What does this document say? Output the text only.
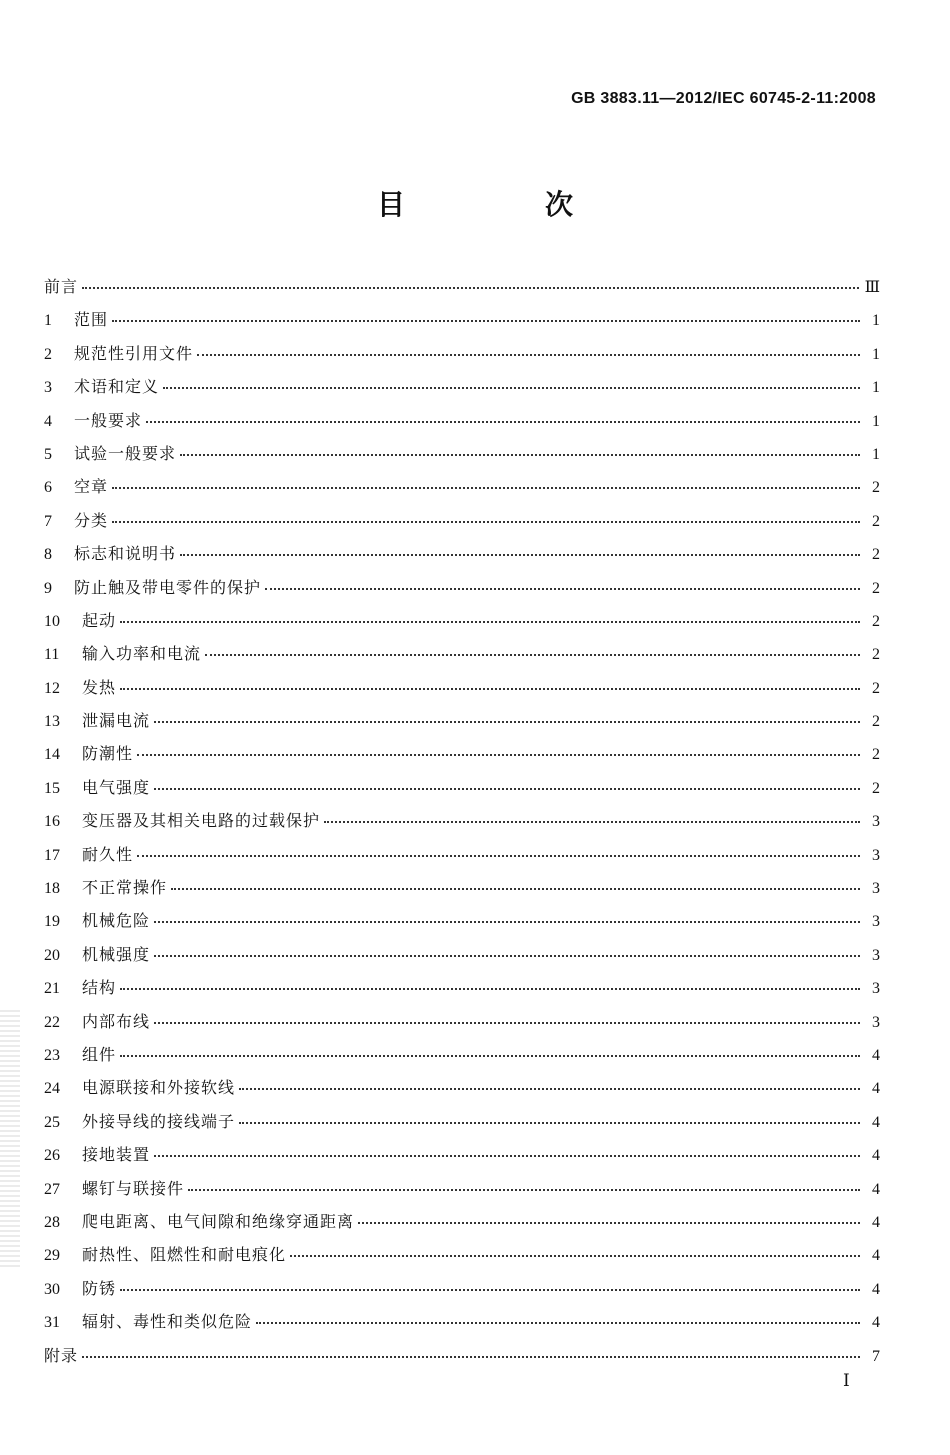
GB 3883.11—2012/IEC 60745-2-11:2008
目　次
前言	Ⅲ
1	范围	1
2	规范性引用文件	1
3	术语和定义	1
4	一般要求	1
5	试验一般要求	1
6	空章	2
7	分类	2
8	标志和说明书	2
9	防止触及带电零件的保护	2
10	起动	2
11	输入功率和电流	2
12	发热	2
13	泄漏电流	2
14	防潮性	2
15	电气强度	2
16	变压器及其相关电路的过载保护	3
17	耐久性	3
18	不正常操作	3
19	机械危险	3
20	机械强度	3
21	结构	3
22	内部布线	3
23	组件	4
24	电源联接和外接软线	4
25	外接导线的接线端子	4
26	接地装置	4
27	螺钉与联接件	4
28	爬电距离、电气间隙和绝缘穿通距离	4
29	耐热性、阻燃性和耐电痕化	4
30	防锈	4
31	辐射、毒性和类似危险	4
附录	7
Ⅰ
